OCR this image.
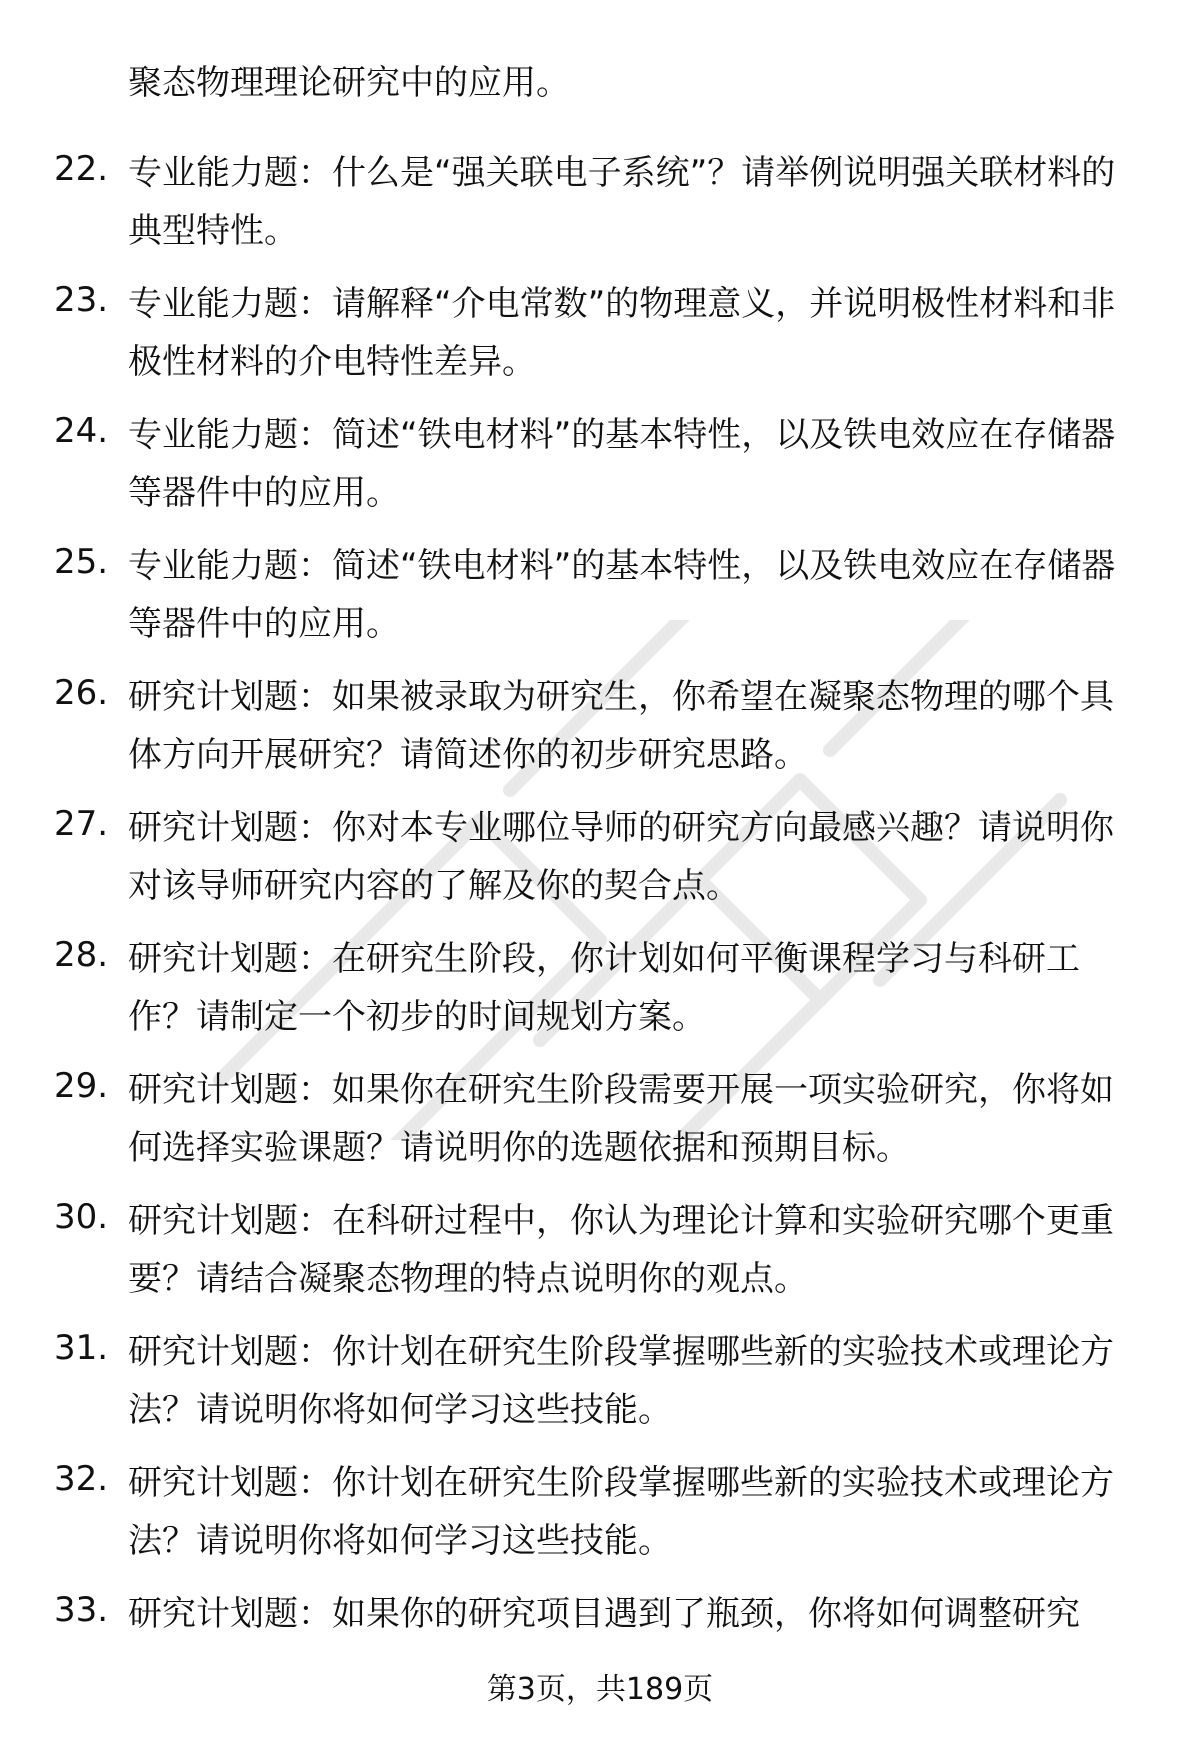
聚态物理理论研究中的应用。

22. 专业能力题：什么是“强关联电子系统”？请举例说明强关联材料的典型特性。

23. 专业能力题：请解释“介电常数”的物理意义，并说明极性材料和非极性材料的介电特性差异。

24. 专业能力题：简述“铁电材料”的基本特性，以及铁电效应在存储器等器件中的应用。

25. 专业能力题：简述“铁电材料”的基本特性，以及铁电效应在存储器等器件中的应用。

26. 研究计划题：如果被录取为研究生，你希望在凝聚态物理的哪个具体方向开展研究？请简述你的初步研究思路。

27. 研究计划题：你对本专业哪位导师的研究方向最感兴趣？请说明你对该导师研究内容的了解及你的契合点。

28. 研究计划题：在研究生阶段，你计划如何平衡课程学习与科研工作？请制定一个初步的时间规划方案。

29. 研究计划题：如果你在研究生阶段需要开展一项实验研究，你将如何选择实验课题？请说明你的选题依据和预期目标。

30. 研究计划题：在科研过程中，你认为理论计算和实验研究哪个更重要？请结合凝聚态物理的特点说明你的观点。

31. 研究计划题：你计划在研究生阶段掌握哪些新的实验技术或理论方法？请说明你将如何学习这些技能。

32. 研究计划题：你计划在研究生阶段掌握哪些新的实验技术或理论方法？请说明你将如何学习这些技能。

33. 研究计划题：如果你的研究项目遇到了瓶颈，你将如何调整研究

第3页，共189页
